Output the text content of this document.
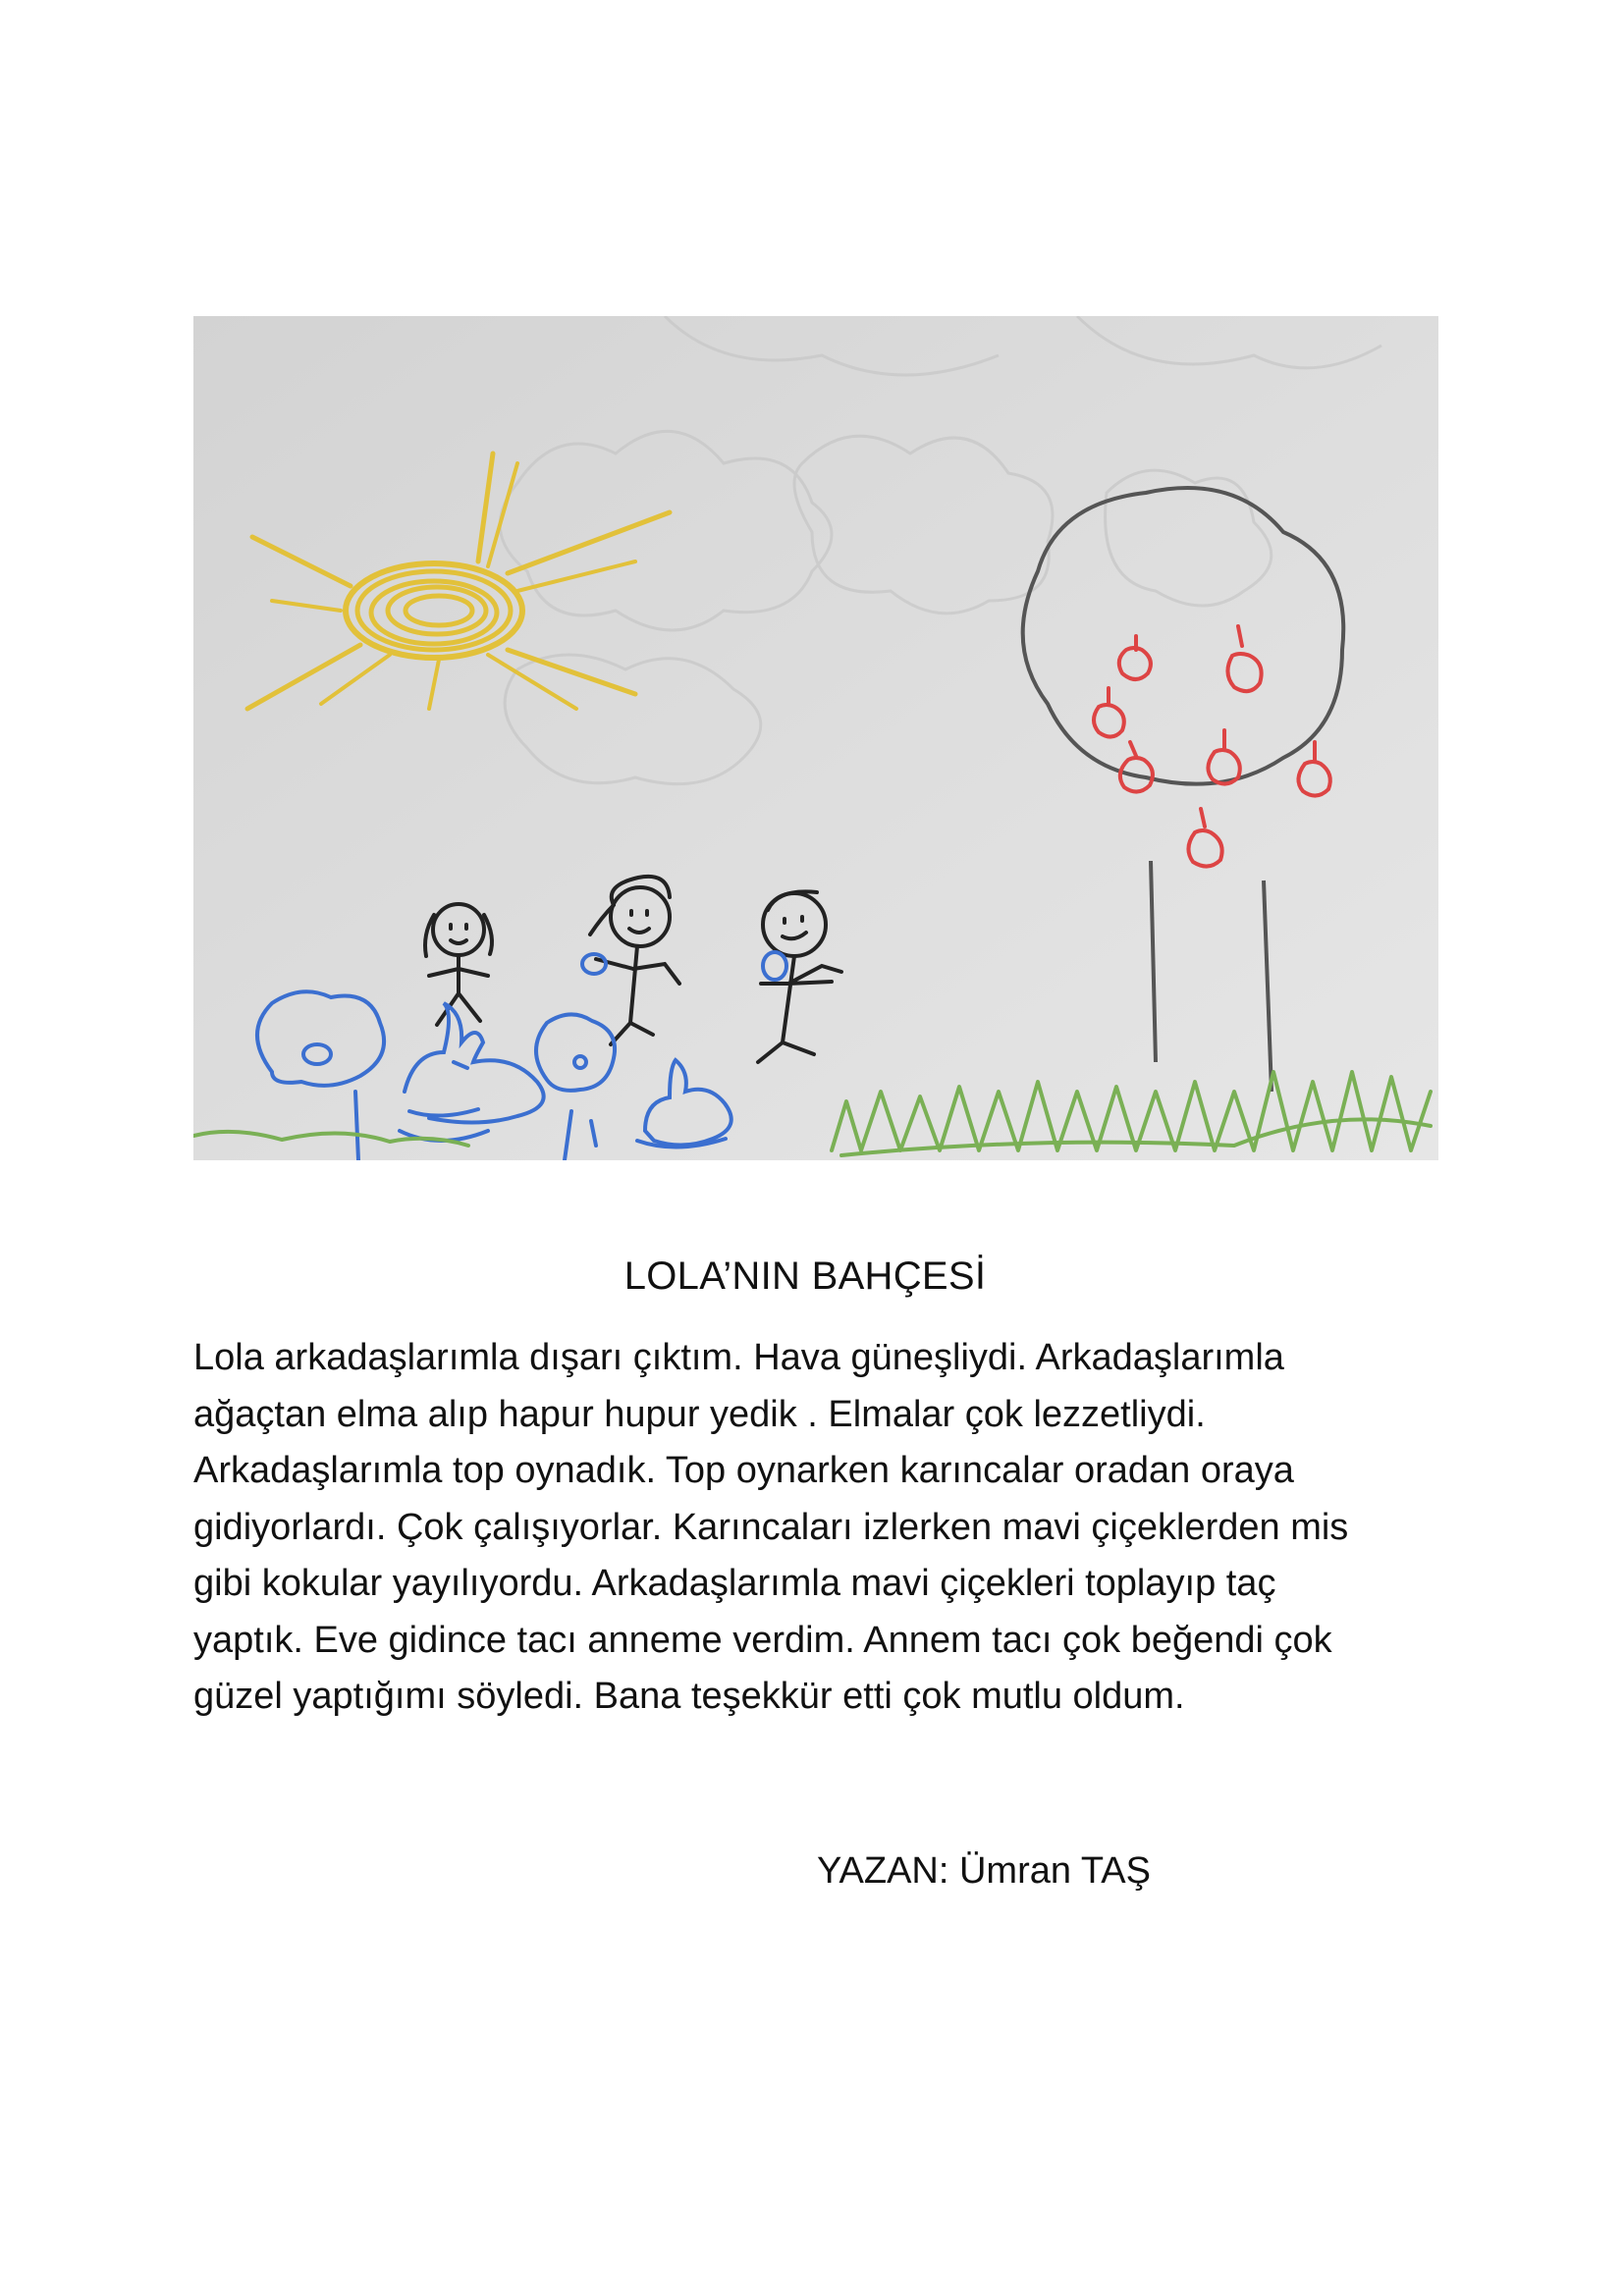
LOLA’NIN BAHÇESİ

Lola arkadaşlarımla dışarı çıktım. Hava güneşliydi. Arkadaşlarımla
ağaçtan elma alıp hapur hupur yedik . Elmalar çok lezzetliydi.
Arkadaşlarımla top oynadık. Top oynarken karıncalar oradan oraya
gidiyorlardı. Çok çalışıyorlar. Karıncaları izlerken mavi çiçeklerden mis
gibi kokular yayılıyordu. Arkadaşlarımla mavi çiçekleri toplayıp taç
yaptık. Eve gidince tacı anneme verdim. Annem tacı çok beğendi çok
güzel yaptığımı söyledi. Bana teşekkür etti çok mutlu oldum.

YAZAN: Ümran TAŞ
